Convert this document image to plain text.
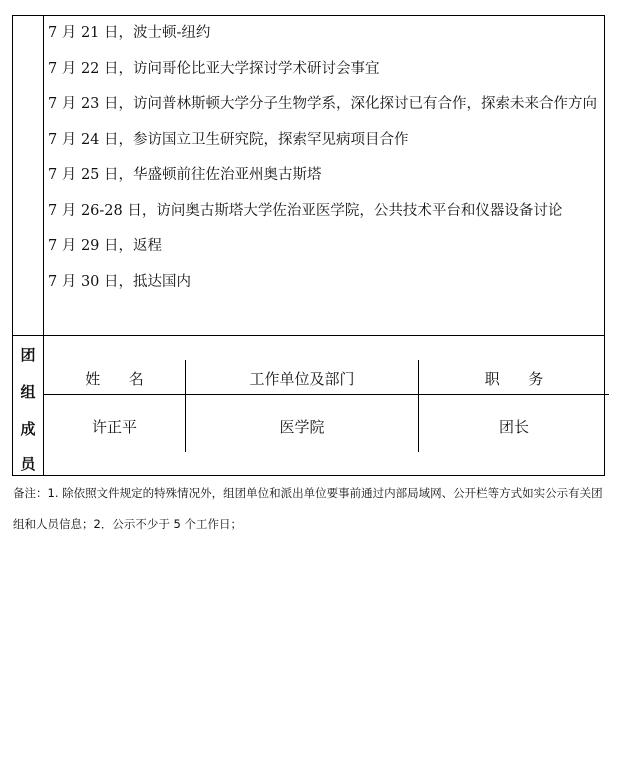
7 月 21 日，波士顿-纽约
7 月 22 日，访问哥伦比亚大学探讨学术研讨会事宜
7 月 23 日，访问普林斯顿大学分子生物学系，深化探讨已有合作，探索未来合作方向
7 月 24 日，参访国立卫生研究院，探索罕见病项目合作
7 月 25 日，华盛顿前往佐治亚州奥古斯塔
7 月 26-28 日，访问奥古斯塔大学佐治亚医学院，公共技术平台和仪器设备讨论
7 月 29 日，返程
7 月 30 日，抵达国内
团
组
成
员
姓      名	工作单位及部门	职      务
许正平	医学院	团长

备注：1. 除依照文件规定的特殊情况外，组团单位和派出单位要事前通过内部局域网、公开栏等方式如实公示有关团组和人员信息；2．公示不少于 5 个工作日；
